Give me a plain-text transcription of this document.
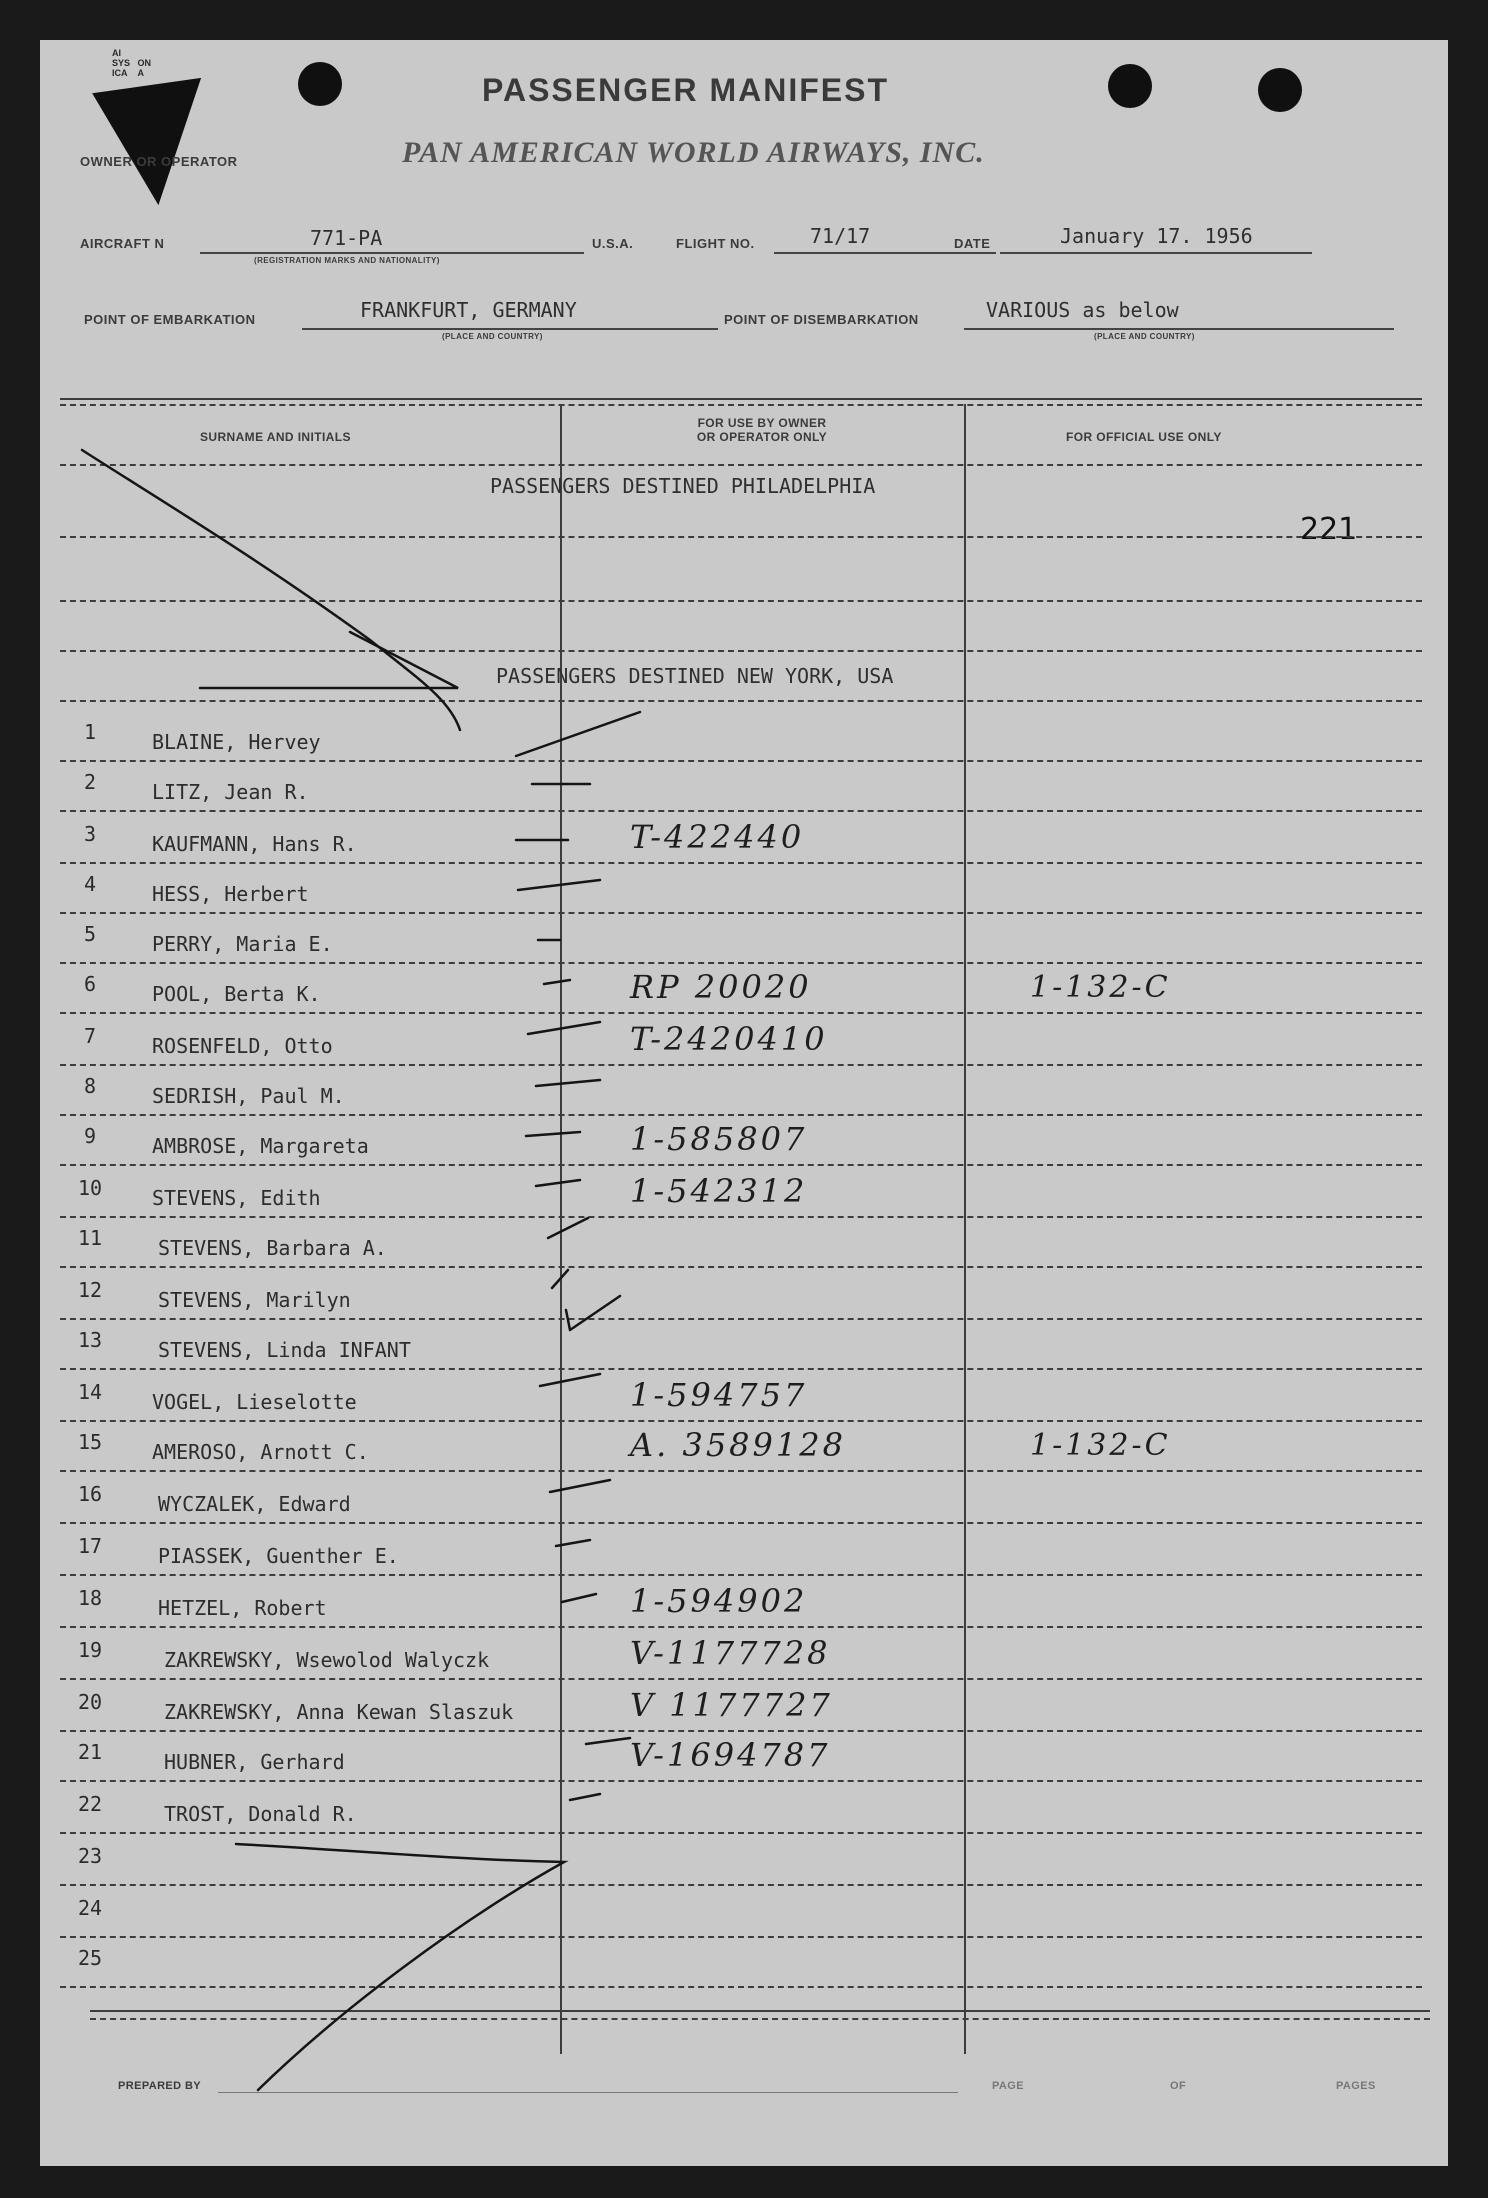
AI
SYS   ON
ICA    A	PASSENGER MANIFEST
OWNER OR OPERATOR	PAN AMERICAN WORLD AIRWAYS, INC.
AIRCRAFT N	771-PA
(REGISTRATION MARKS AND NATIONALITY)
U.S.A.	FLIGHT NO.	71/17	DATE	January 17. 1956
POINT OF EMBARKATION	FRANKFURT, GERMANY
(PLACE AND COUNTRY)
POINT OF DISEMBARKATION	VARIOUS as below
(PLACE AND COUNTRY)
SURNAME AND INITIALS
FOR USE BY OWNER
OR OPERATOR ONLY	FOR OFFICIAL USE ONLY
PASSENGERS DESTINED PHILADELPHIA
221
PASSENGERS DESTINED NEW YORK, USA
1	BLAINE, Hervey
2	LITZ, Jean R.
3	KAUFMANN, Hans R.	T-422440
4	HESS, Herbert
5	PERRY, Maria E.
6	POOL, Berta K.	RP 20020	1-132-C
7	ROSENFELD, Otto	T-2420410
8	SEDRISH, Paul M.
9	AMBROSE, Margareta	1-585807
10	STEVENS, Edith	1-542312
11	STEVENS, Barbara A.
12	STEVENS, Marilyn
13	STEVENS, Linda INFANT
14	VOGEL, Lieselotte	1-594757
15	AMEROSO, Arnott C.	A. 3589128	1-132-C
16	WYCZALEK, Edward
17	PIASSEK, Guenther E.
18	HETZEL, Robert	1-594902
19	ZAKREWSKY, Wsewolod Walyczk	V-1177728
20	ZAKREWSKY, Anna Kewan Slaszuk	V 1177727
21	HUBNER, Gerhard	V-1694787
22	TROST, Donald R.
23
24
25
PREPARED BY	PAGE	OF	PAGES
